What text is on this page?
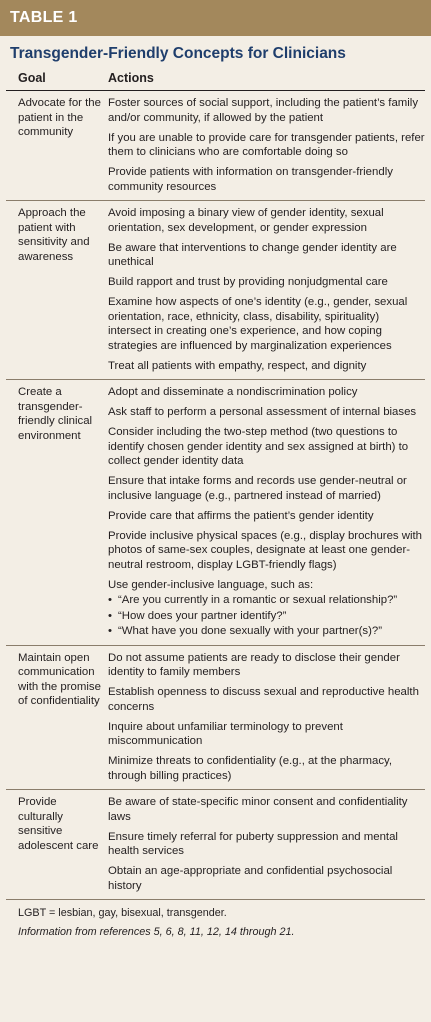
TABLE 1
Transgender-Friendly Concepts for Clinicians
Goal	Actions
Advocate for the patient in the community
Foster sources of social support, including the patient’s family and/or community, if allowed by the patient
If you are unable to provide care for transgender patients, refer them to clinicians who are comfortable doing so
Provide patients with information on transgender-friendly community resources
Approach the patient with sensitivity and awareness
Avoid imposing a binary view of gender identity, sexual orientation, sex development, or gender expression
Be aware that interventions to change gender identity are unethical
Build rapport and trust by providing nonjudgmental care
Examine how aspects of one’s identity (e.g., gender, sexual orientation, race, ethnicity, class, disability, spirituality) intersect in creating one’s experience, and how coping strategies are influenced by marginalization experiences
Treat all patients with empathy, respect, and dignity
Create a transgender-friendly clinical environment
Adopt and disseminate a nondiscrimination policy
Ask staff to perform a personal assessment of internal biases
Consider including the two-step method (two questions to identify chosen gender identity and sex assigned at birth) to collect gender identity data
Ensure that intake forms and records use gender-neutral or inclusive language (e.g., partnered instead of married)
Provide care that affirms the patient’s gender identity
Provide inclusive physical spaces (e.g., display brochures with photos of same-sex couples, designate at least one gender-neutral restroom, display LGBT-friendly flags)
Use gender-inclusive language, such as:
• “Are you currently in a romantic or sexual relationship?”
• “How does your partner identify?”
• “What have you done sexually with your partner(s)?”
Maintain open communication with the promise of confidentiality
Do not assume patients are ready to disclose their gender identity to family members
Establish openness to discuss sexual and reproductive health concerns
Inquire about unfamiliar terminology to prevent miscommunication
Minimize threats to confidentiality (e.g., at the pharmacy, through billing practices)
Provide culturally sensitive adolescent care
Be aware of state-specific minor consent and confidentiality laws
Ensure timely referral for puberty suppression and mental health services
Obtain an age-appropriate and confidential psychosocial history
LGBT = lesbian, gay, bisexual, transgender.
Information from references 5, 6, 8, 11, 12, 14 through 21.
